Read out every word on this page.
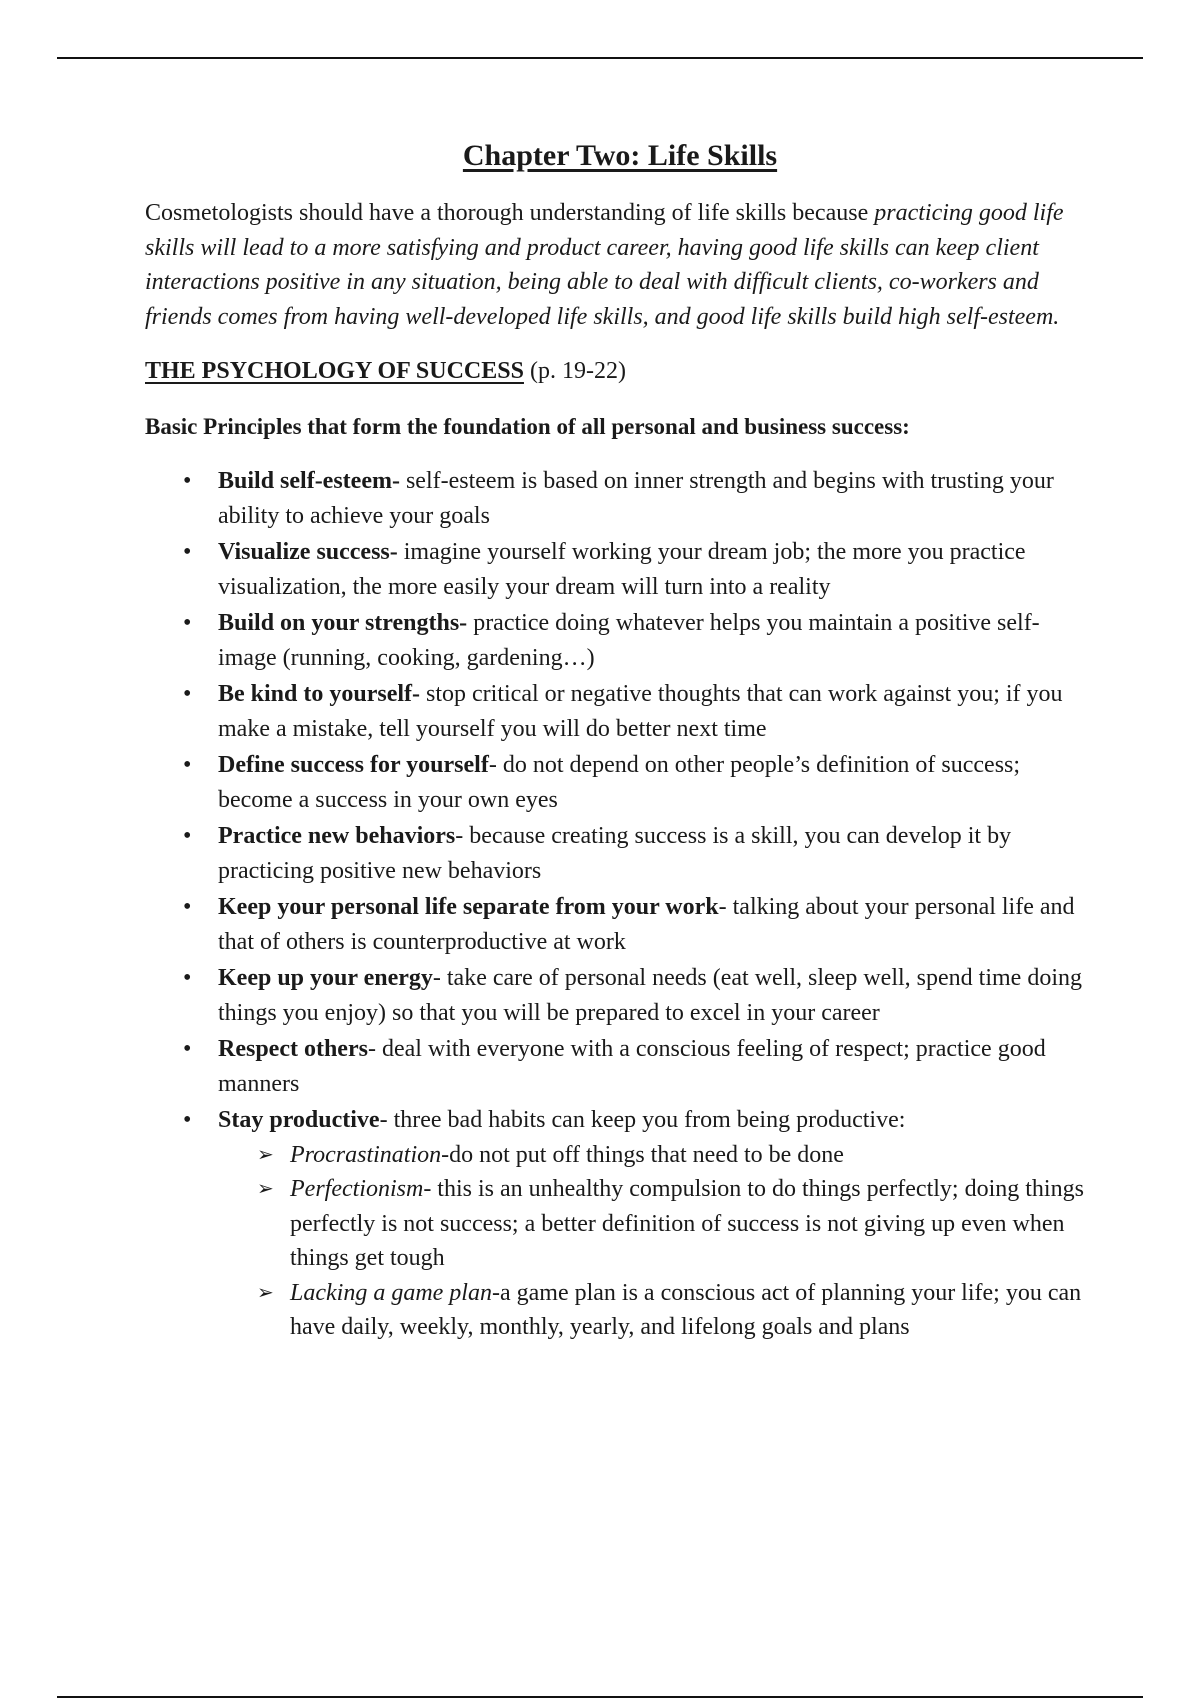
Chapter Two: Life Skills

Cosmetologists should have a thorough understanding of life skills because practicing good life skills will lead to a more satisfying and product career, having good life skills can keep client interactions positive in any situation, being able to deal with difficult clients, co-workers and friends comes from having well-developed life skills, and good life skills build high self-esteem.

THE PSYCHOLOGY OF SUCCESS (p. 19-22)
Basic Principles that form the foundation of all personal and business success:
• Build self-esteem- self-esteem is based on inner strength and begins with trusting your ability to achieve your goals
• Visualize success- imagine yourself working your dream job; the more you practice visualization, the more easily your dream will turn into a reality
• Build on your strengths- practice doing whatever helps you maintain a positive self-image (running, cooking, gardening…)
• Be kind to yourself- stop critical or negative thoughts that can work against you; if you make a mistake, tell yourself you will do better next time
• Define success for yourself- do not depend on other people’s definition of success; become a success in your own eyes
• Practice new behaviors- because creating success is a skill, you can develop it by practicing positive new behaviors
• Keep your personal life separate from your work- talking about your personal life and that of others is counterproductive at work
• Keep up your energy- take care of personal needs (eat well, sleep well, spend time doing things you enjoy) so that you will be prepared to excel in your career
• Respect others- deal with everyone with a conscious feeling of respect; practice good manners
• Stay productive- three bad habits can keep you from being productive:
➢ Procrastination-do not put off things that need to be done
➢ Perfectionism- this is an unhealthy compulsion to do things perfectly; doing things perfectly is not success; a better definition of success is not giving up even when things get tough
➢ Lacking a game plan-a game plan is a conscious act of planning your life; you can have daily, weekly, monthly, yearly, and lifelong goals and plans
